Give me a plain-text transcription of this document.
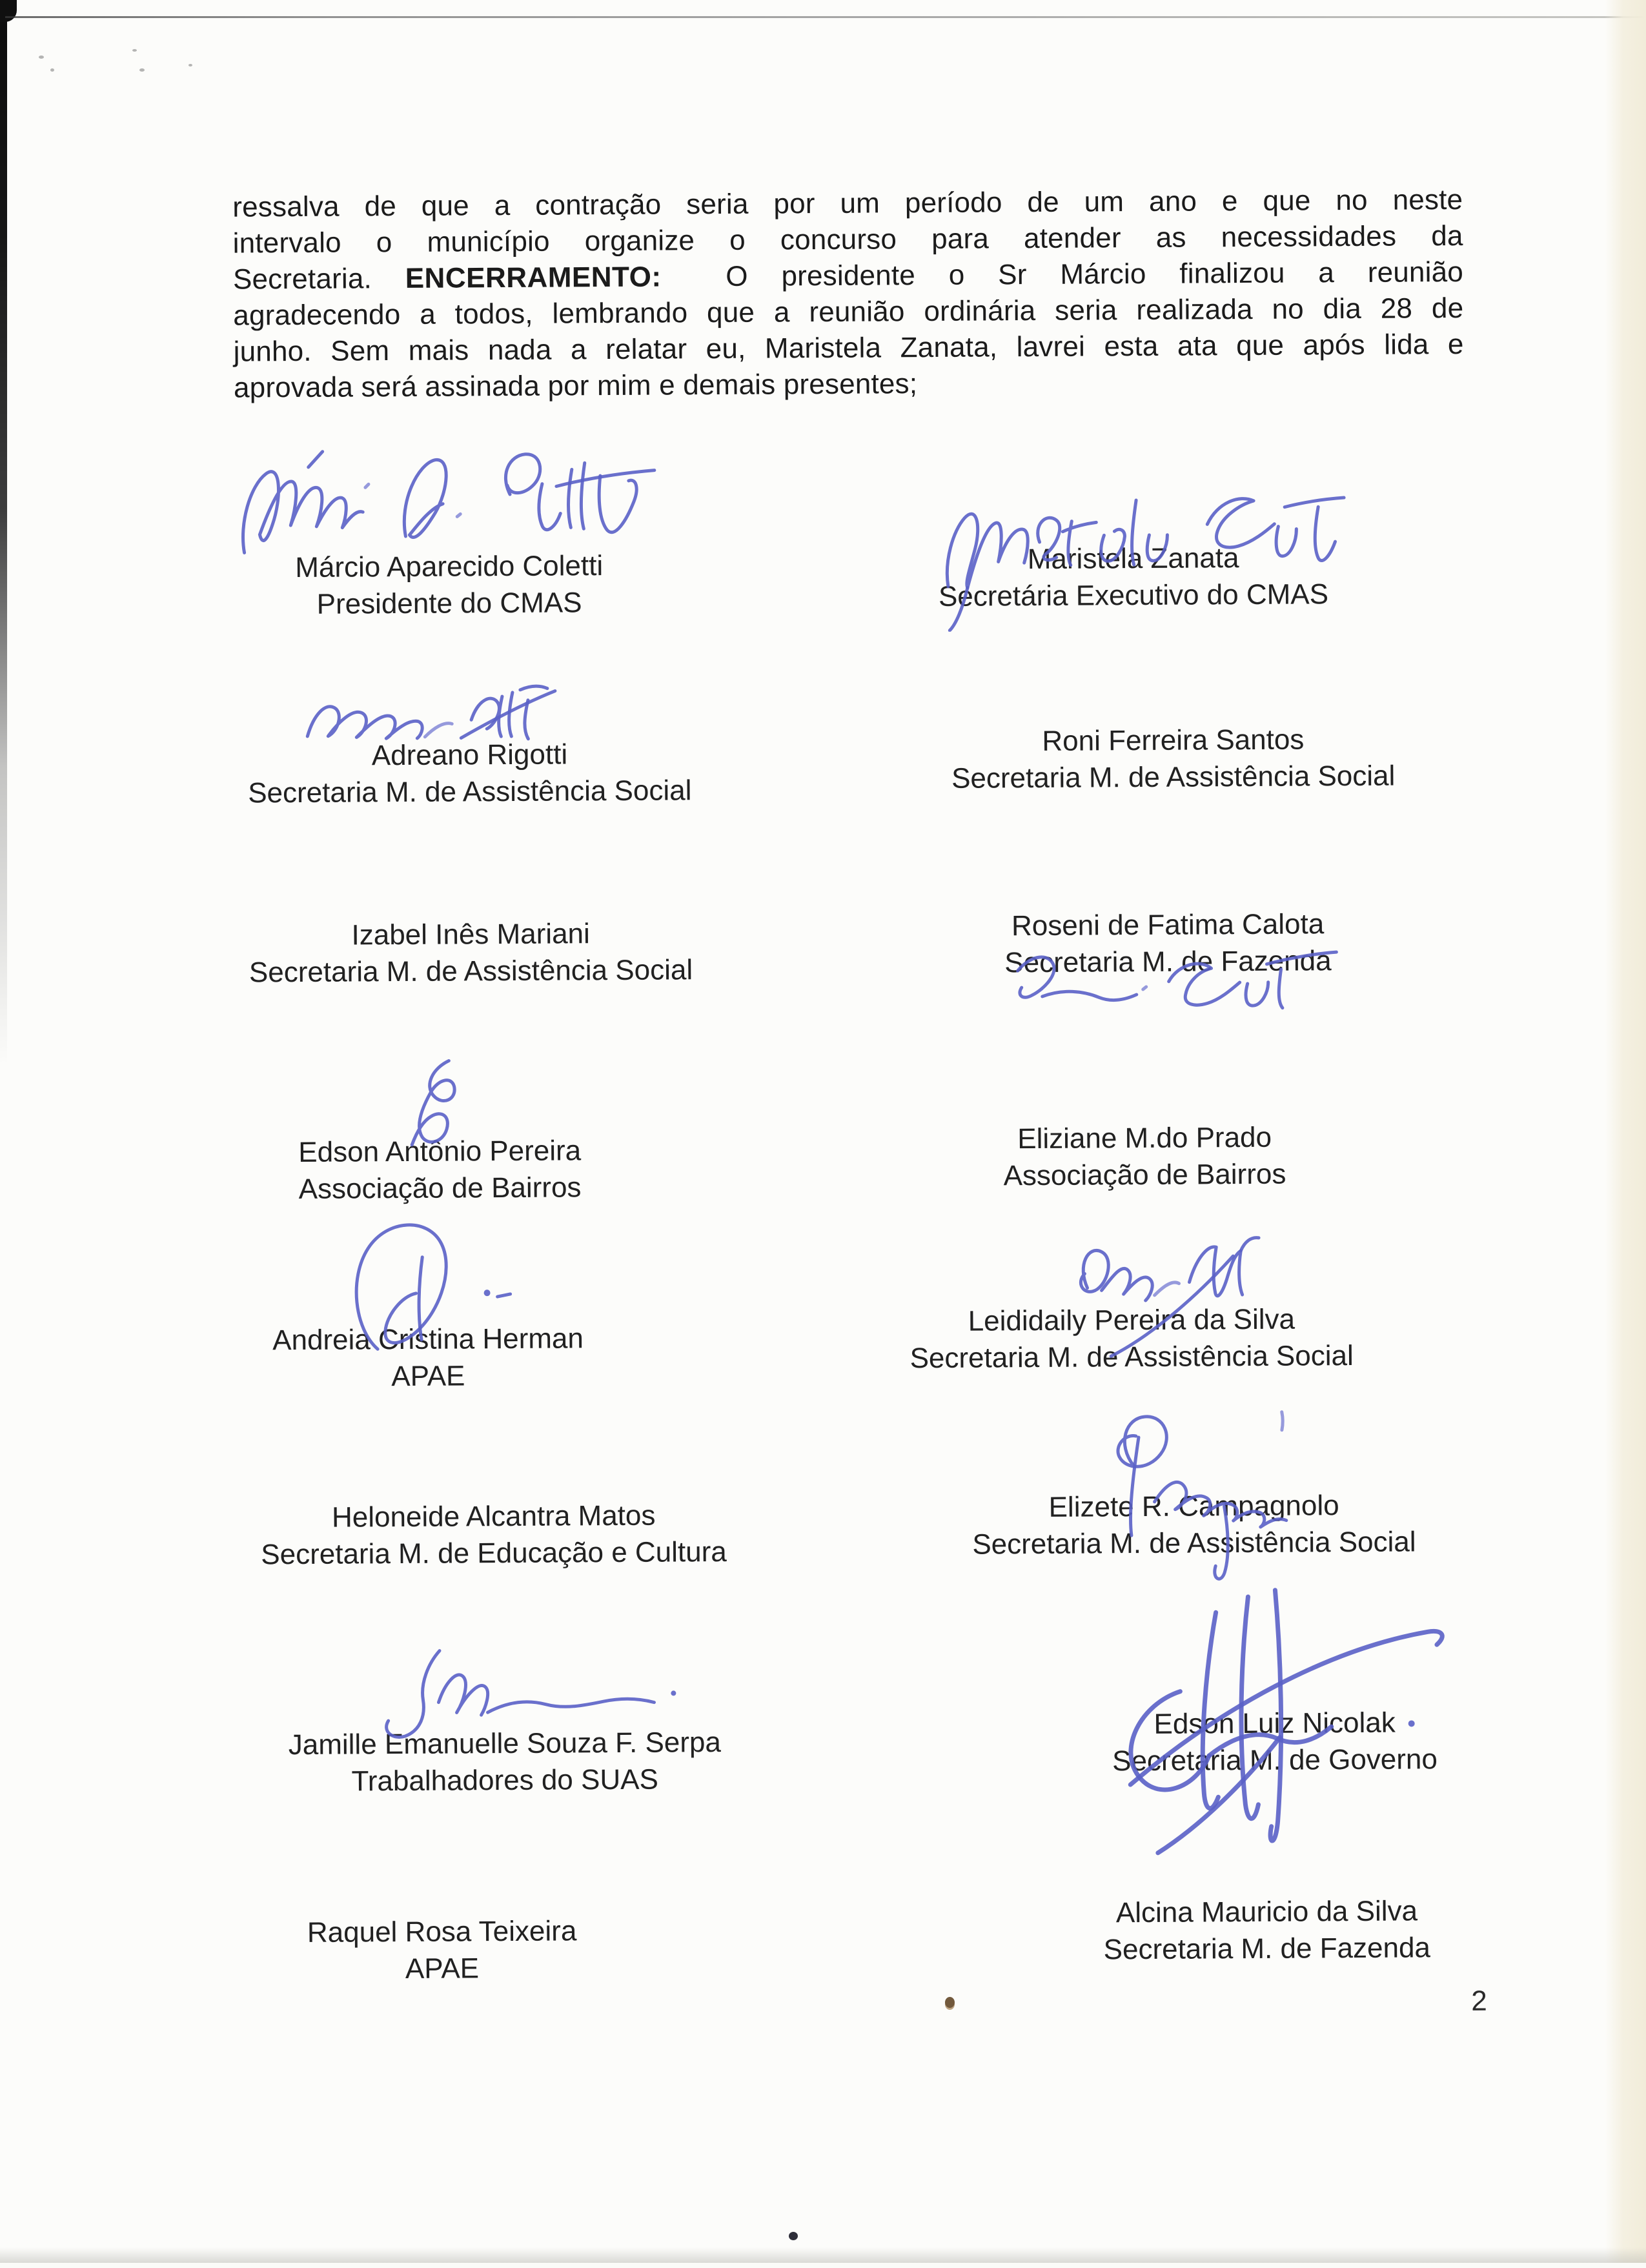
ressalva de que a contração seria por um período de um ano e que no neste
intervalo o município organize o concurso para atender as necessidades da
Secretaria. ENCERRAMENTO: O presidente o Sr Márcio finalizou a reunião
agradecendo a todos, lembrando que a reunião ordinária seria realizada no dia 28 de
junho. Sem mais nada a relatar eu, Maristela Zanata, lavrei esta ata que após lida e
aprovada será assinada por mim e demais presentes;
Márcio Aparecido Coletti
Presidente do CMAS
Maristela Zanata
Secretária Executivo do CMAS
Adreano Rigotti
Secretaria M. de Assistência Social
Roni Ferreira Santos
Secretaria M. de Assistência Social
Izabel Inês Mariani
Secretaria M. de Assistência Social
Roseni de Fatima Calota
Secretaria M. de Fazenda
Edson Antônio Pereira
Associação de Bairros
Eliziane M.do Prado
Associação de Bairros
Andreia Cristina Herman
APAE
Leididaily Pereira da Silva
Secretaria M. de Assistência Social
Heloneide Alcantra Matos
Secretaria M. de Educação e Cultura
Elizete R. Campagnolo
Secretaria M. de Assistência Social
Jamille Emanuelle Souza F. Serpa
Trabalhadores do SUAS
Edson Luiz Nicolak
Secretaria M. de Governo
Raquel Rosa Teixeira
APAE
Alcina Mauricio da Silva
Secretaria M. de Fazenda
2
